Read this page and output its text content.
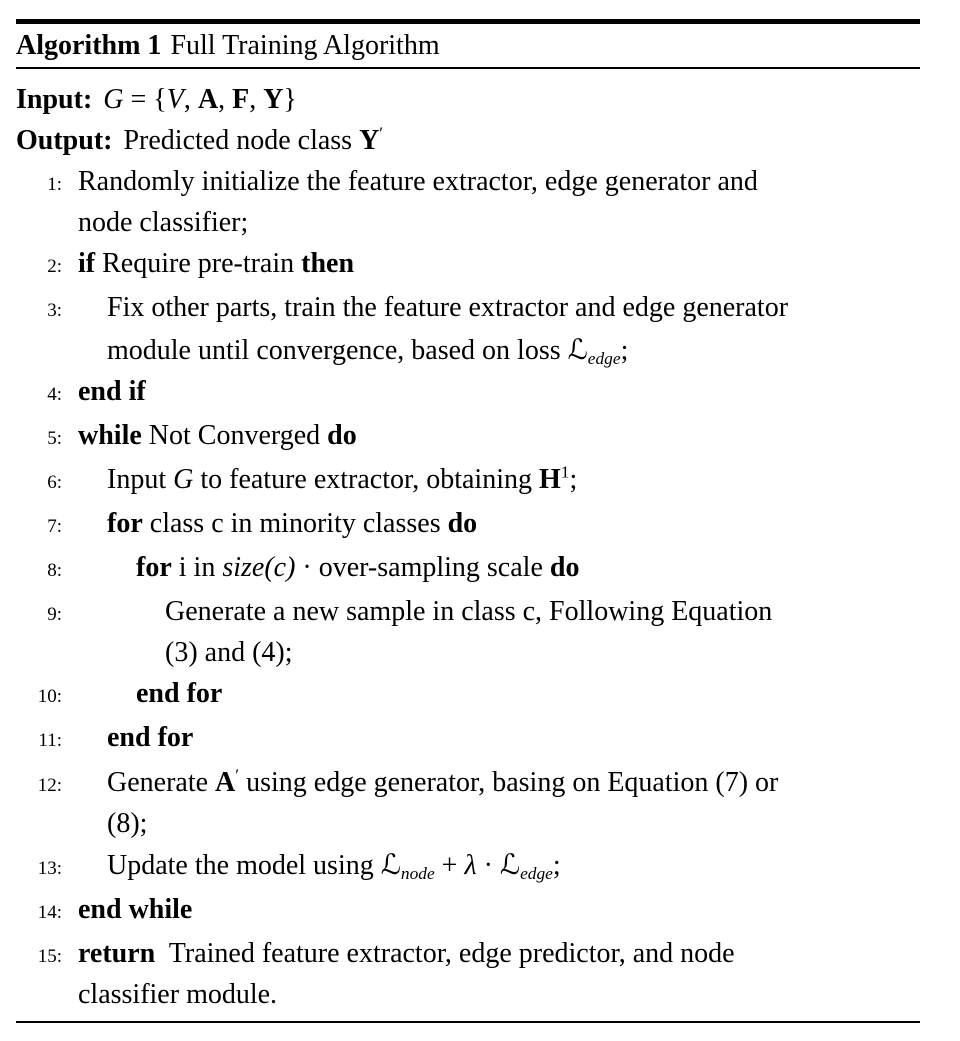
Algorithm 1 Full Training Algorithm
Input: G = {V, A, F, Y}
Output: Predicted node class Y′
1: Randomly initialize the feature extractor, edge generator and
node classifier;
2: if Require pre-train then
3:	Fix other parts, train the feature extractor and edge generator
module until convergence, based on loss ℒedge;
4: end if
5: while Not Converged do
6:	Input G to feature extractor, obtaining $H^1$;
7:	for class c in minority classes do
8:	for i in size(c) · over-sampling scale do
9:	Generate a new sample in class c, Following Equation
(3) and (4);
10:	end for
11:	end for
12:	Generate A′ using edge generator, basing on Equation (7) or
(8);
13:	Update the model using ℒnode + λ · ℒedge;
14: end while
15: return  Trained feature extractor, edge predictor, and node
classifier module.
